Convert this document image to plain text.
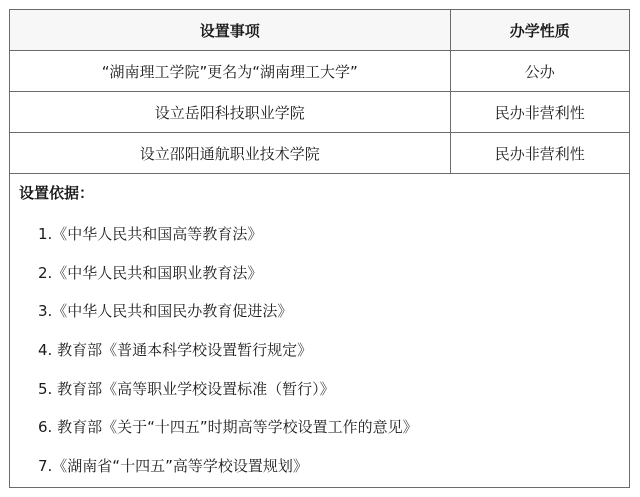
设置事项	办学性质
“湖南理工学院”更名为“湖南理工大学”	公办
设立岳阳科技职业学院	民办非营利性
设立邵阳通航职业技术学院	民办非营利性
设置依据：
1.《中华人民共和国高等教育法》
2.《中华人民共和国职业教育法》
3.《中华人民共和国民办教育促进法》
4. 教育部《普通本科学校设置暂行规定》
5. 教育部《高等职业学校设置标准（暂行）》
6. 教育部《关于“十四五”时期高等学校设置工作的意见》
7.《湖南省“十四五”高等学校设置规划》
